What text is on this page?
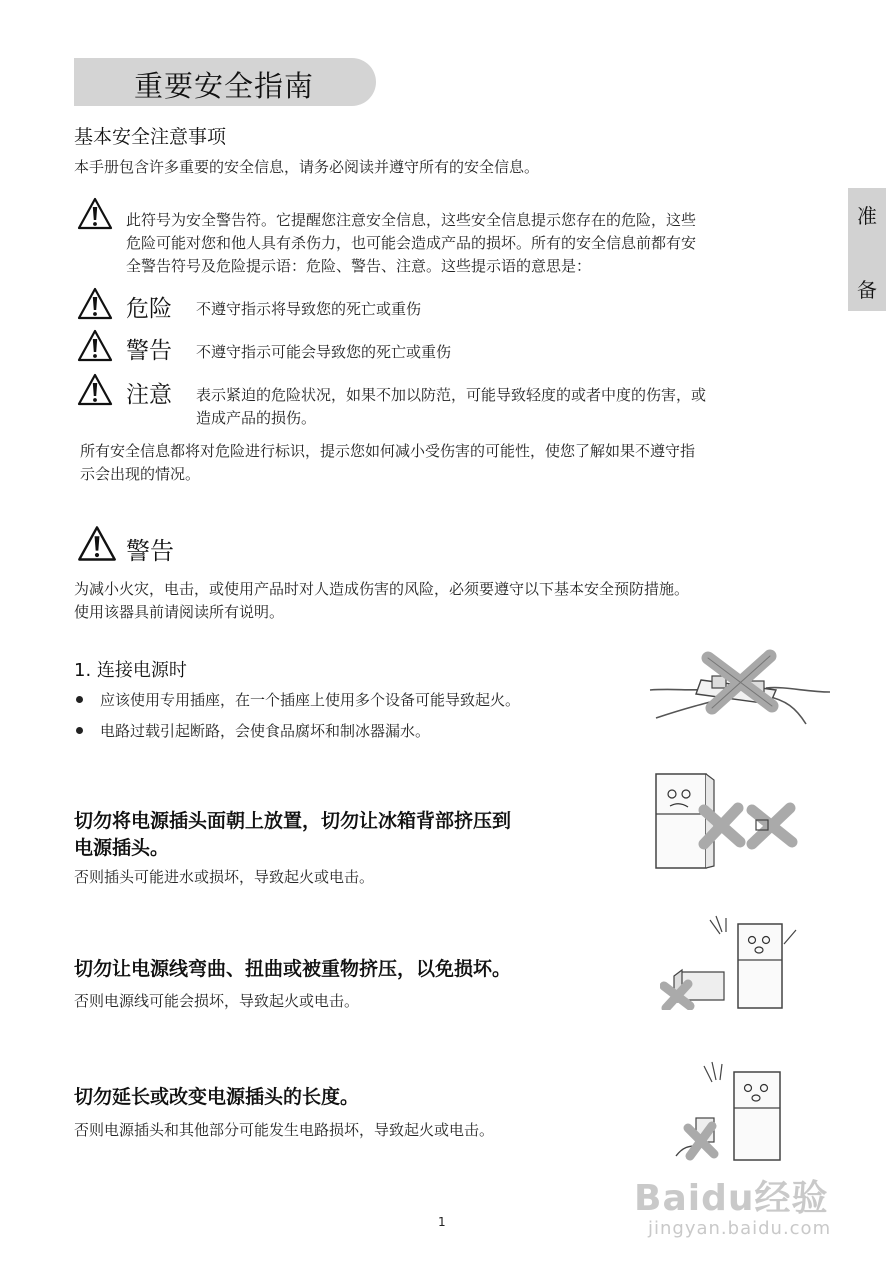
重要安全指南
准
备
基本安全注意事项
本手册包含许多重要的安全信息，请务必阅读并遵守所有的安全信息。
此符号为安全警告符。它提醒您注意安全信息，这些安全信息提示您存在的危险，这些
危险可能对您和他人具有杀伤力，也可能会造成产品的损坏。所有的安全信息前都有安
全警告符号及危险提示语：危险、警告、注意。这些提示语的意思是：
危险 不遵守指示将导致您的死亡或重伤
警告 不遵守指示可能会导致您的死亡或重伤
注意 表示紧迫的危险状况，如果不加以防范，可能导致轻度的或者中度的伤害，或
造成产品的损伤。
所有安全信息都将对危险进行标识，提示您如何减小受伤害的可能性，使您了解如果不遵守指
示会出现的情况。
警告
为减小火灾，电击，或使用产品时对人造成伤害的风险，必须要遵守以下基本安全预防措施。
使用该器具前请阅读所有说明。
1. 连接电源时
应该使用专用插座，在一个插座上使用多个设备可能导致起火。
电路过载引起断路，会使食品腐坏和制冰器漏水。
切勿将电源插头面朝上放置，切勿让冰箱背部挤压到
电源插头。
否则插头可能进水或损坏，导致起火或电击。
切勿让电源线弯曲、扭曲或被重物挤压，以免损坏。
否则电源线可能会损坏，导致起火或电击。
切勿延长或改变电源插头的长度。
否则电源插头和其他部分可能发生电路损坏，导致起火或电击。
1
Baidu经验
jingyan.baidu.com
